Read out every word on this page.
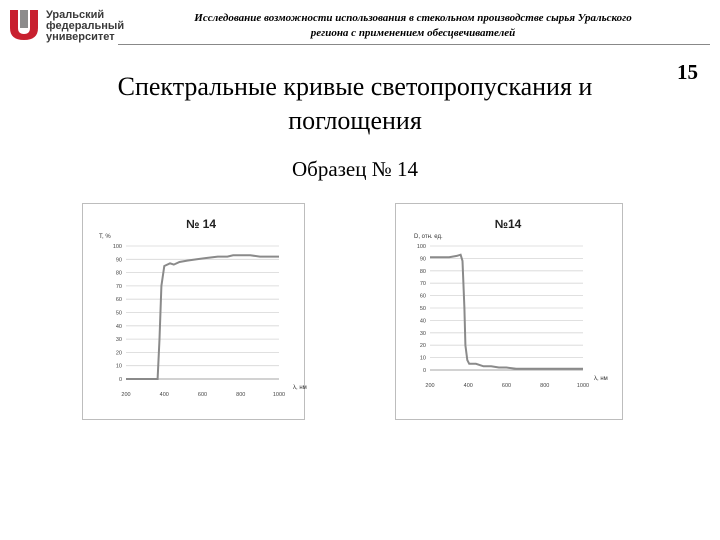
Уральский
федеральный
университет
Исследование возможности использования в стекольном производстве сырья Уральского
региона с применением обесцвечивателей
15
Спектральные кривые светопропускания и
поглощения
Образец № 14
№ 14
T, %
0
10
20
30
40
50
60
70
80
90
100
200	400	600	800	1000
λ, нм
№14
D, отн. ед.
0
10
20
30
40
50
60
70
80
90
100
200	400	600	800	1000
λ, нм
